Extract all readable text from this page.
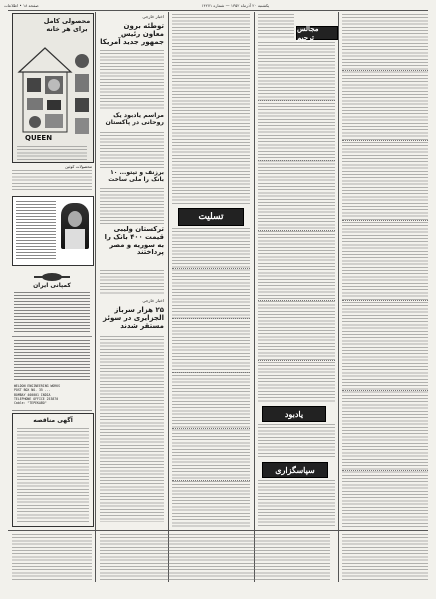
صفحه ۱۸ • اطلاعات	یکشنبه ۲۰ آذرماه ۱۳۵۲ — شماره ۱۴۲۷۱
محصولی کامل برای هر خانه
QUEEN
محصولات کوئین
کمپانی ایران
WELDON ENGINEERING WORKS
POST BOX NO. 35 ...
BOMBAY 400001 INDIA
TELEPHONE OFFICE 253870
Cable: "TEPEKABO"
آگهی مناقصه
اخبار خارجی
توطئه برون معاون رئیس جمهور جدید آمریکا
مراسم یادبود یک روحانی در پاکستان
برزنف و تیتو... ۱۰ بانک را ملی ساخت
ترکستان ولیبی قیمت ۴۰۰ بانک را به سوریه و مصر پرداختند
اخبار خارجی
۲۵ هزار سرباز الجزایری در سوئز مستقر شدند
تسلیت
مجالس ترحیم
یادبود
سپاسگزاری
